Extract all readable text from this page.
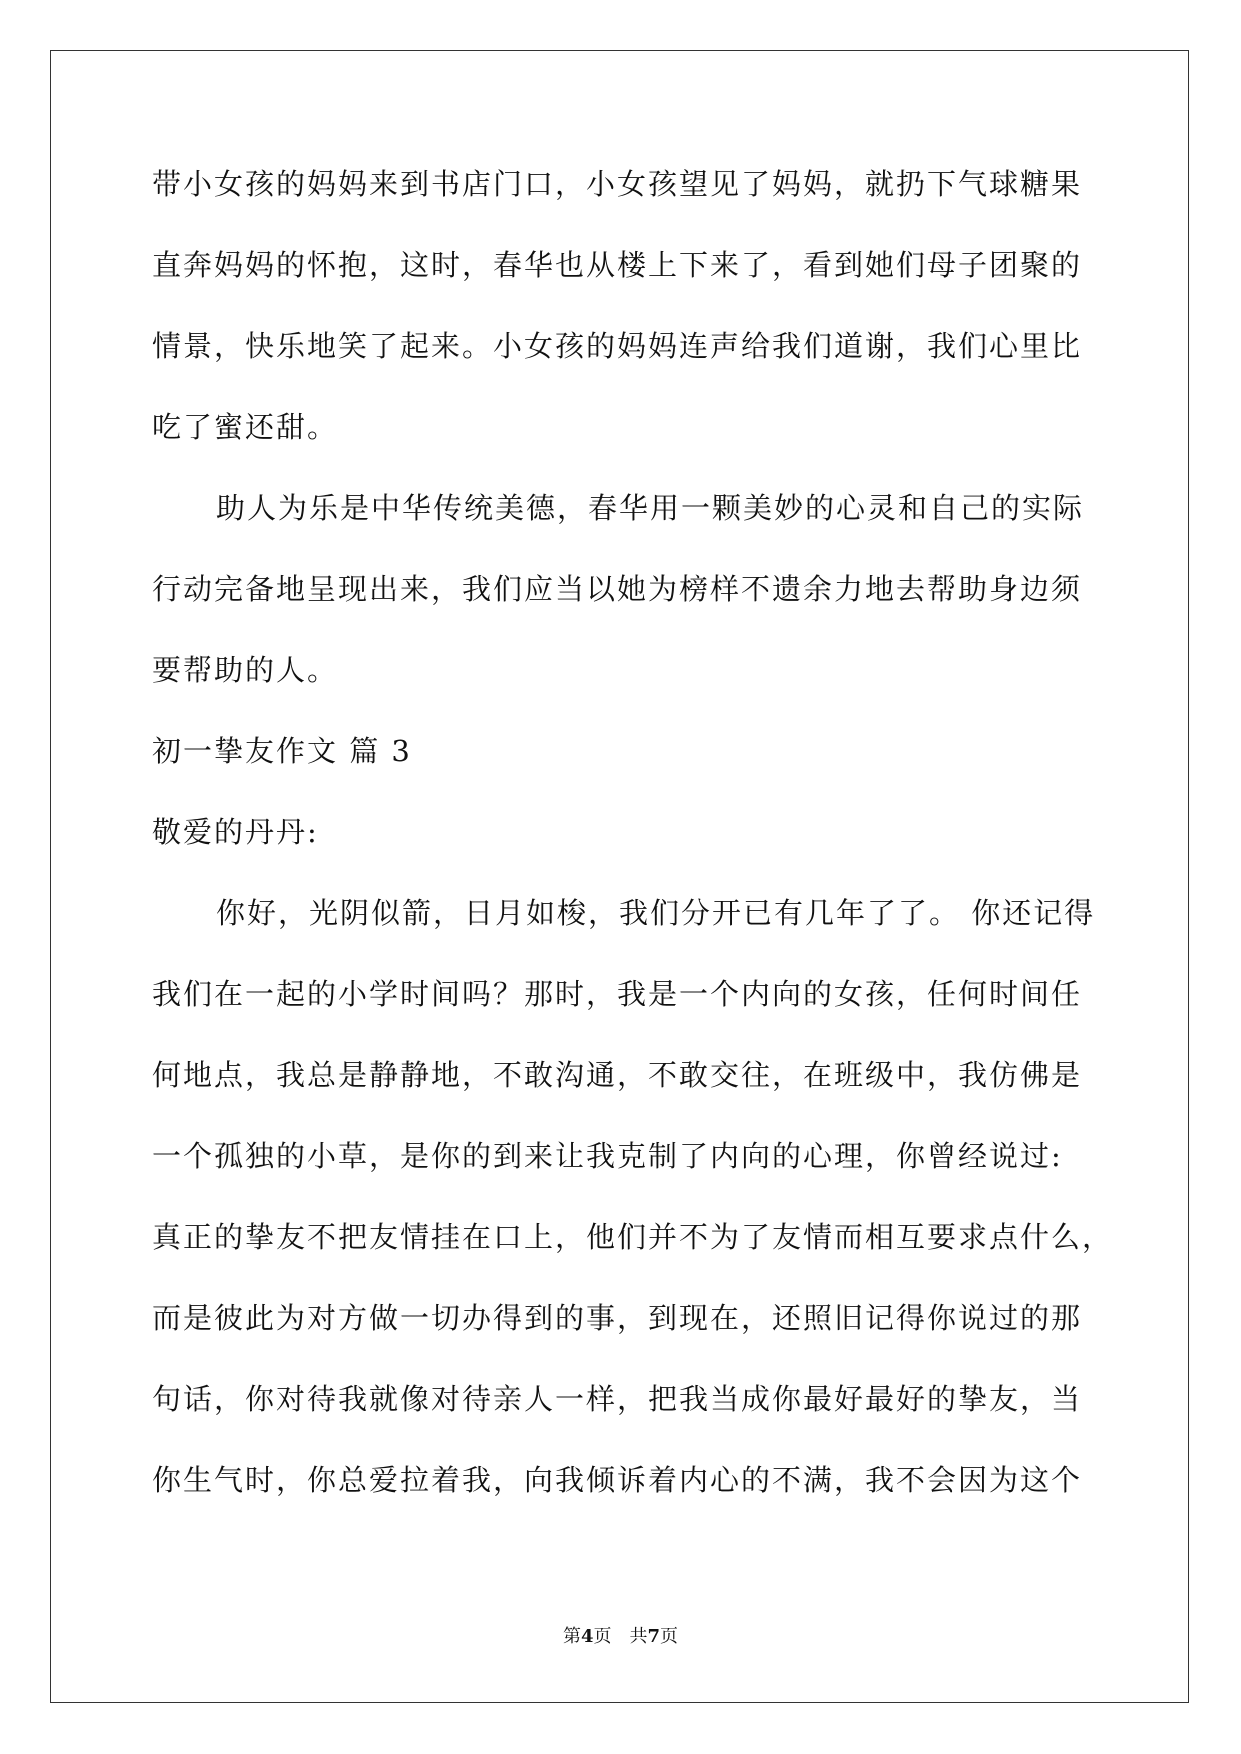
带小女孩的妈妈来到书店门口，小女孩望见了妈妈，就扔下气球糖果
直奔妈妈的怀抱，这时，春华也从楼上下来了，看到她们母子团聚的
情景，快乐地笑了起来。小女孩的妈妈连声给我们道谢，我们心里比
吃了蜜还甜。
助人为乐是中华传统美德，春华用一颗美妙的心灵和自己的实际
行动完备地呈现出来，我们应当以她为榜样不遗余力地去帮助身边须
要帮助的人。
初一挚友作文 篇 3
敬爱的丹丹:
你好，光阴似箭，日月如梭，我们分开已有几年了了。 你还记得
我们在一起的小学时间吗？那时，我是一个内向的女孩，任何时间任
何地点，我总是静静地，不敢沟通，不敢交往，在班级中，我仿佛是
一个孤独的小草，是你的到来让我克制了内向的心理，你曾经说过:
真正的挚友不把友情挂在口上，他们并不为了友情而相互要求点什么，
而是彼此为对方做一切办得到的事，到现在，还照旧记得你说过的那
句话，你对待我就像对待亲人一样，把我当成你最好最好的挚友，当
你生气时，你总爱拉着我，向我倾诉着内心的不满，我不会因为这个
第4页 共7页
